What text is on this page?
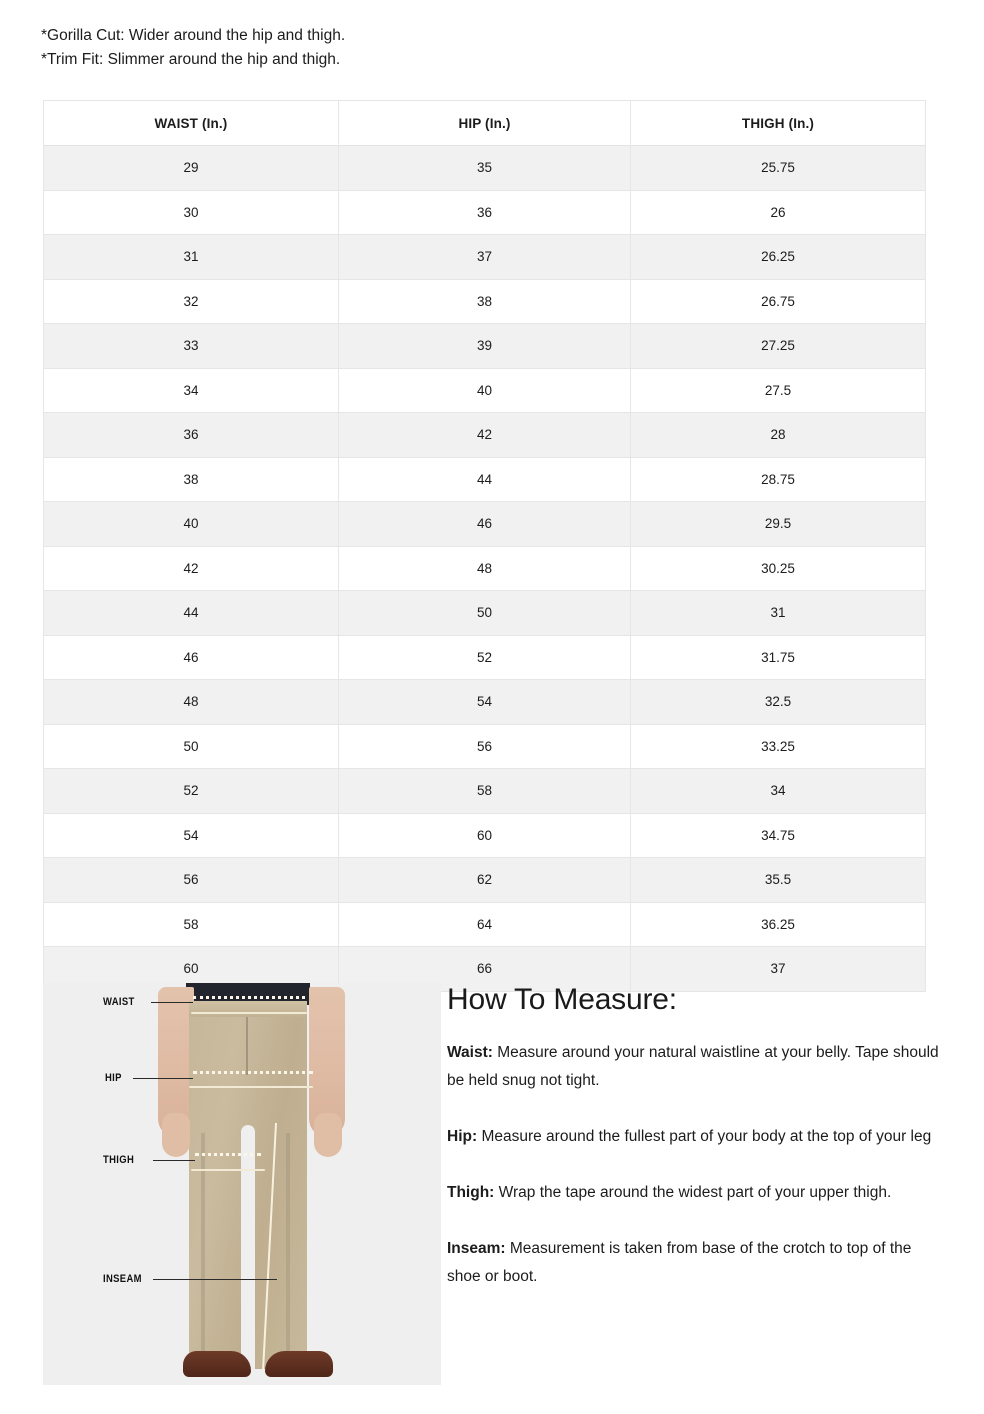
*Gorilla Cut: Wider around the hip and thigh.
*Trim Fit: Slimmer around the hip and thigh.
WAIST (In.)	HIP (In.)	THIGH (In.)
29	35	25.75
30	36	26
31	37	26.25
32	38	26.75
33	39	27.25
34	40	27.5
36	42	28
38	44	28.75
40	46	29.5
42	48	30.25
44	50	31
46	52	31.75
48	54	32.5
50	56	33.25
52	58	34
54	60	34.75
56	62	35.5
58	64	36.25
60	66	37
WAIST
HIP
THIGH
INSEAM
How To Measure:

Waist: Measure around your natural waistline at your belly. Tape should be held snug not tight.

Hip: Measure around the fullest part of your body at the top of your leg

Thigh: Wrap the tape around the widest part of your upper thigh.

Inseam: Measurement is taken from base of the crotch to top of the shoe or boot.
